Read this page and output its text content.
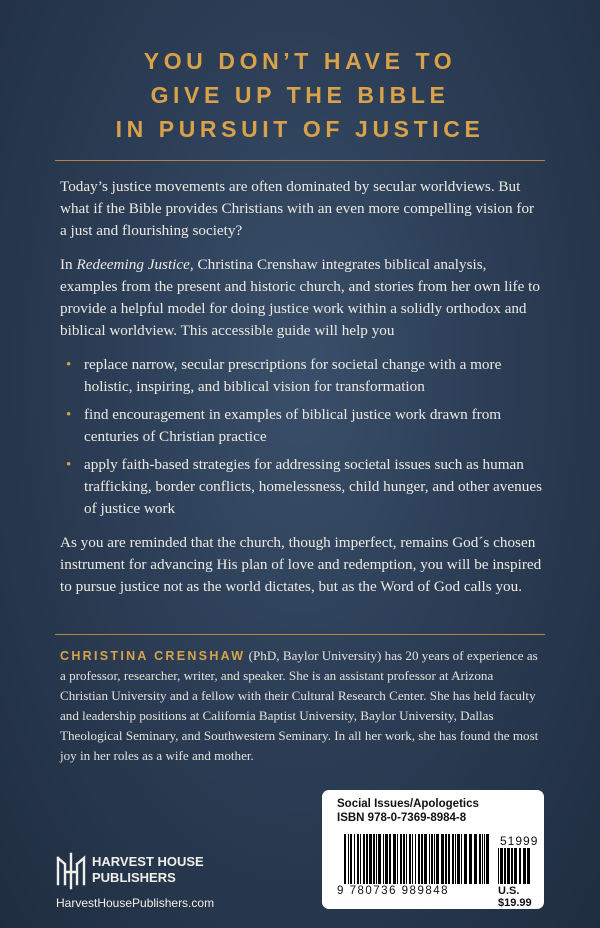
YOU DON’T HAVE TO
GIVE UP THE BIBLE
IN PURSUIT OF JUSTICE

Today’s justice movements are often dominated by secular worldviews. But what if the Bible provides Christians with an even more compelling vision for a just and flourishing society?

In Redeeming Justice, Christina Crenshaw integrates biblical analysis, examples from the present and historic church, and stories from her own life to provide a helpful model for doing justice work within a solidly orthodox and biblical worldview. This accessible guide will help you

• replace narrow, secular prescriptions for societal change with a more holistic, inspiring, and biblical vision for transformation
• find encouragement in examples of biblical justice work drawn from centuries of Christian practice
• apply faith-based strategies for addressing societal issues such as human trafficking, border conflicts, homelessness, child hunger, and other avenues of justice work

As you are reminded that the church, though imperfect, remains God´s chosen instrument for advancing His plan of love and redemption, you will be inspired to pursue justice not as the world dictates, but as the Word of God calls you.

CHRISTINA CRENSHAW (PhD, Baylor University) has 20 years of experience as a professor, researcher, writer, and speaker. She is an assistant professor at Arizona Christian University and a fellow with their Cultural Research Center. She has held faculty and leadership positions at California Baptist University, Baylor University, Dallas Theological Seminary, and Southwestern Seminary. In all her work, she has found the most joy in her roles as a wife and mother.
HARVEST HOUSE
PUBLISHERS
HarvestHousePublishers.com
Social Issues/Apologetics
ISBN 978-0-7369-8984-8
51999
9 780736 989848	U.S. $19.99
